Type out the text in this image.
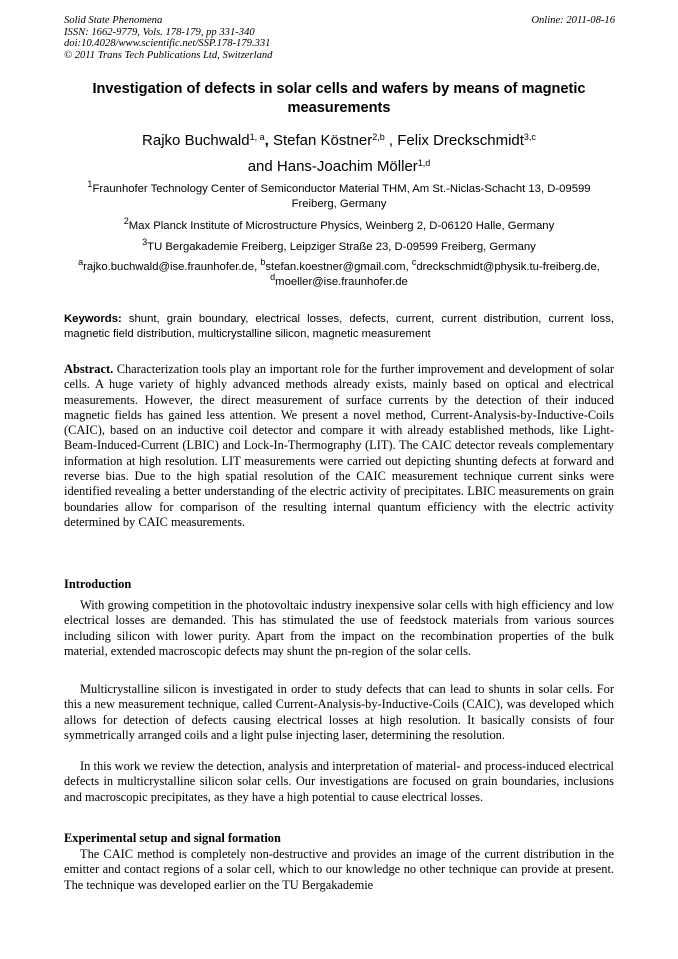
Solid State Phenomena
ISSN: 1662-9779, Vols. 178-179, pp 331-340
doi:10.4028/www.scientific.net/SSP.178-179.331
© 2011 Trans Tech Publications Ltd, Switzerland
Online: 2011-08-16
Investigation of defects in solar cells and wafers by means of magnetic measurements
Rajko Buchwald$^{1, a}$, Stefan Köstner$^{2,b}$ , Felix Dreckschmidt$^{3,c}$
and Hans-Joachim Möller$^{1,d}$
$^1$Fraunhofer Technology Center of Semiconductor Material THM, Am St.-Niclas-Schacht 13, D-09599 Freiberg, Germany
$^2$Max Planck Institute of Microstructure Physics, Weinberg 2, D-06120 Halle, Germany
$^3$TU Bergakademie Freiberg, Leipziger Straße 23, D-09599 Freiberg, Germany
$^a$rajko.buchwald@ise.fraunhofer.de, $^b$stefan.koestner@gmail.com, $^c$dreckschmidt@physik.tu-freiberg.de, $^d$moeller@ise.fraunhofer.de
Keywords: shunt, grain boundary, electrical losses, defects, current, current distribution, current loss, magnetic field distribution, multicrystalline silicon, magnetic measurement
Abstract. Characterization tools play an important role for the further improvement and development of solar cells. A huge variety of highly advanced methods already exists, mainly based on optical and electrical measurements. However, the direct measurement of surface currents by the detection of their induced magnetic fields has gained less attention. We present a novel method, Current-Analysis-by-Inductive-Coils (CAIC), based on an inductive coil detector and compare it with already established methods, like Light-Beam-Induced-Current (LBIC) and Lock-In-Thermography (LIT). The CAIC detector reveals complementary information at high resolution. LIT measurements were carried out depicting shunting defects at forward and reverse bias. Due to the high spatial resolution of the CAIC measurement technique current sinks were identified revealing a better understanding of the electric activity of precipitates. LBIC measurements on grain boundaries allow for comparison of the resulting internal quantum efficiency with the electric activity determined by CAIC measurements.
Introduction

With growing competition in the photovoltaic industry inexpensive solar cells with high efficiency and low electrical losses are demanded. This has stimulated the use of feedstock materials from various sources including silicon with lower purity. Apart from the impact on the recombination properties of the bulk material, extended macroscopic defects may shunt the pn-region of the solar cells.

Multicrystalline silicon is investigated in order to study defects that can lead to shunts in solar cells. For this a new measurement technique, called Current-Analysis-by-Inductive-Coils (CAIC), was developed which allows for detection of defects causing electrical losses at high resolution. It basically consists of four symmetrically arranged coils and a light pulse injecting laser, determining the resolution.

In this work we review the detection, analysis and interpretation of material- and process-induced electrical defects in multicrystalline silicon solar cells. Our investigations are focused on grain boundaries, inclusions and macroscopic precipitates, as they have a high potential to cause electrical losses.

Experimental setup and signal formation

The CAIC method is completely non-destructive and provides an image of the current distribution in the emitter and contact regions of a solar cell, which to our knowledge no other technique can provide at present. The technique was developed earlier on the TU Bergakademie
